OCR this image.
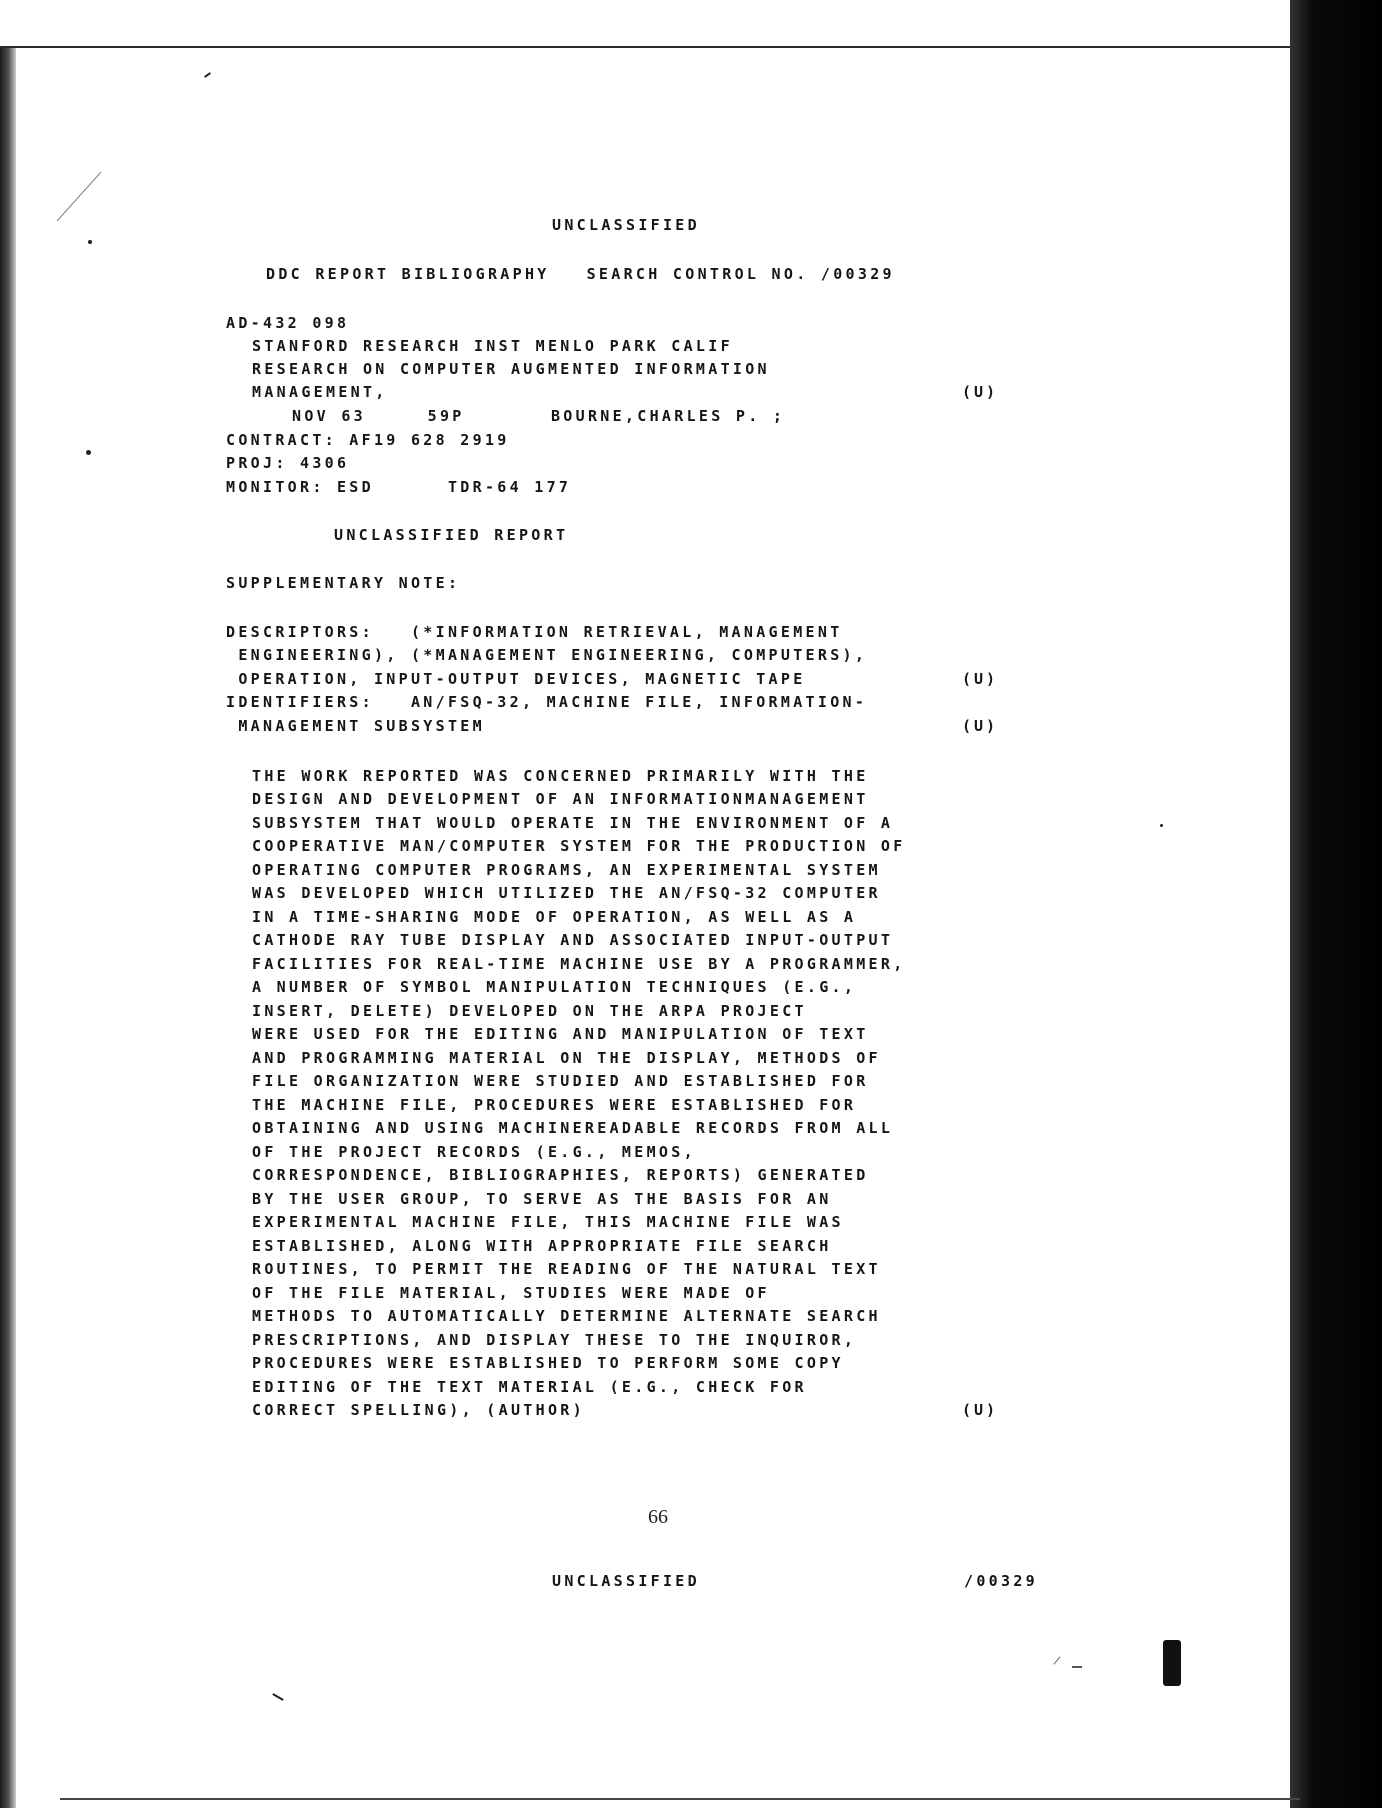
UNCLASSIFIED
DDC REPORT BIBLIOGRAPHY   SEARCH CONTROL NO. /00329
AD-432 098
STANFORD RESEARCH INST MENLO PARK CALIF
RESEARCH ON COMPUTER AUGMENTED INFORMATION
MANAGEMENT,	(U)
NOV 63     59P       BOURNE,CHARLES P. ;
CONTRACT: AF19 628 2919
PROJ: 4306
MONITOR: ESD      TDR-64 177
UNCLASSIFIED REPORT
SUPPLEMENTARY NOTE:
DESCRIPTORS:   (*INFORMATION RETRIEVAL, MANAGEMENT
ENGINEERING), (*MANAGEMENT ENGINEERING, COMPUTERS),
OPERATION, INPUT-OUTPUT DEVICES, MAGNETIC TAPE	(U)
IDENTIFIERS:   AN/FSQ-32, MACHINE FILE, INFORMATION-
MANAGEMENT SUBSYSTEM	(U)
THE WORK REPORTED WAS CONCERNED PRIMARILY WITH THE
DESIGN AND DEVELOPMENT OF AN INFORMATIONMANAGEMENT
SUBSYSTEM THAT WOULD OPERATE IN THE ENVIRONMENT OF A
COOPERATIVE MAN/COMPUTER SYSTEM FOR THE PRODUCTION OF
OPERATING COMPUTER PROGRAMS, AN EXPERIMENTAL SYSTEM
WAS DEVELOPED WHICH UTILIZED THE AN/FSQ-32 COMPUTER
IN A TIME-SHARING MODE OF OPERATION, AS WELL AS A
CATHODE RAY TUBE DISPLAY AND ASSOCIATED INPUT-OUTPUT
FACILITIES FOR REAL-TIME MACHINE USE BY A PROGRAMMER,
A NUMBER OF SYMBOL MANIPULATION TECHNIQUES (E.G.,
INSERT, DELETE) DEVELOPED ON THE ARPA PROJECT
WERE USED FOR THE EDITING AND MANIPULATION OF TEXT
AND PROGRAMMING MATERIAL ON THE DISPLAY, METHODS OF
FILE ORGANIZATION WERE STUDIED AND ESTABLISHED FOR
THE MACHINE FILE, PROCEDURES WERE ESTABLISHED FOR
OBTAINING AND USING MACHINEREADABLE RECORDS FROM ALL
OF THE PROJECT RECORDS (E.G., MEMOS,
CORRESPONDENCE, BIBLIOGRAPHIES, REPORTS) GENERATED
BY THE USER GROUP, TO SERVE AS THE BASIS FOR AN
EXPERIMENTAL MACHINE FILE, THIS MACHINE FILE WAS
ESTABLISHED, ALONG WITH APPROPRIATE FILE SEARCH
ROUTINES, TO PERMIT THE READING OF THE NATURAL TEXT
OF THE FILE MATERIAL, STUDIES WERE MADE OF
METHODS TO AUTOMATICALLY DETERMINE ALTERNATE SEARCH
PRESCRIPTIONS, AND DISPLAY THESE TO THE INQUIROR,
PROCEDURES WERE ESTABLISHED TO PERFORM SOME COPY
EDITING OF THE TEXT MATERIAL (E.G., CHECK FOR
CORRECT SPELLING), (AUTHOR)	(U)
66
UNCLASSIFIED	/00329
